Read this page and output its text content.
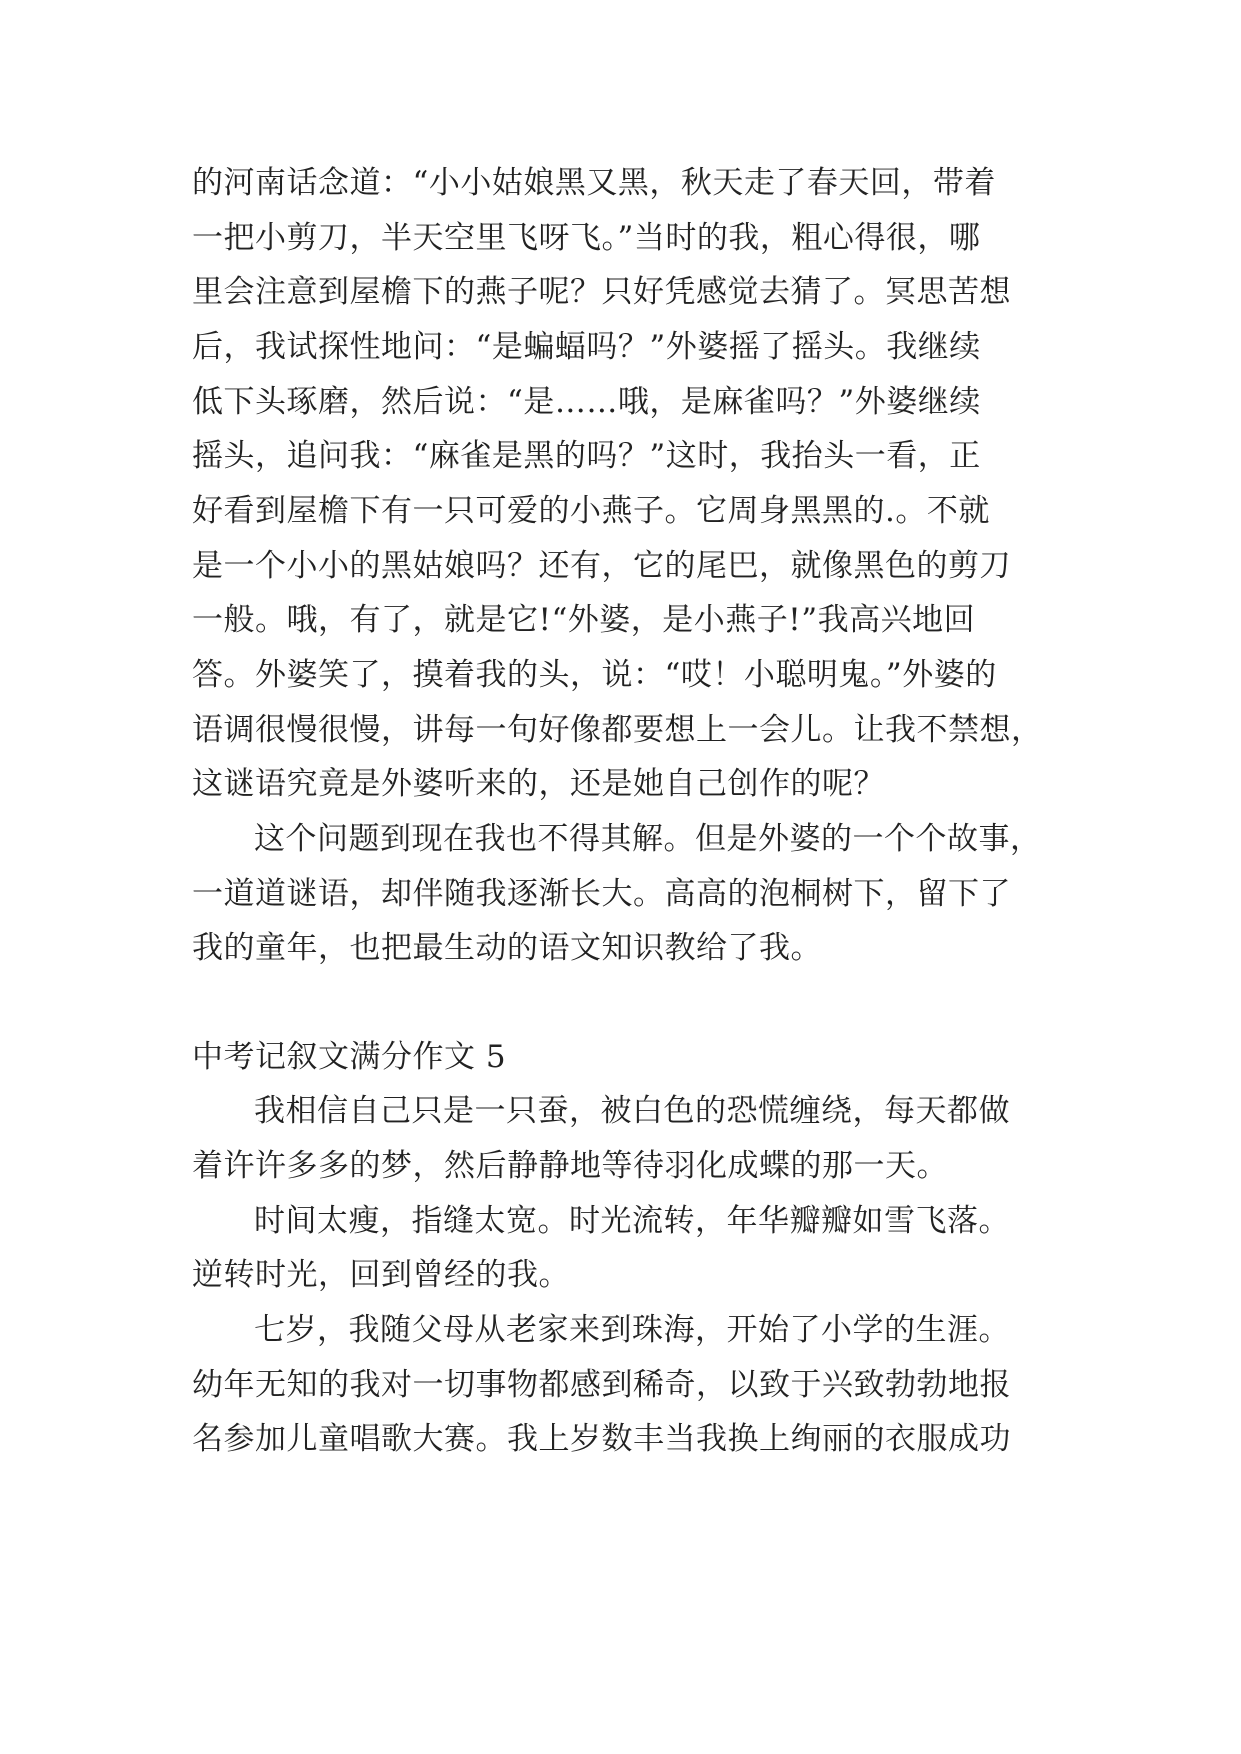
的河南话念道：“小小姑娘黑又黑，秋天走了春天回，带着
一把小剪刀，半天空里飞呀飞。”当时的我，粗心得很，哪
里会注意到屋檐下的燕子呢？只好凭感觉去猜了。冥思苦想
后，我试探性地问：“是蝙蝠吗？”外婆摇了摇头。我继续
低下头琢磨，然后说：“是……哦，是麻雀吗？”外婆继续
摇头，追问我：“麻雀是黑的吗？”这时，我抬头一看，正
好看到屋檐下有一只可爱的小燕子。它周身黑黑的.。不就
是一个小小的黑姑娘吗？还有，它的尾巴，就像黑色的剪刀
一般。哦，有了，就是它!“外婆，是小燕子!”我高兴地回
答。外婆笑了，摸着我的头，说：“哎！小聪明鬼。”外婆的
语调很慢很慢，讲每一句好像都要想上一会儿。让我不禁想，
这谜语究竟是外婆听来的，还是她自己创作的呢？
这个问题到现在我也不得其解。但是外婆的一个个故事，
一道道谜语，却伴随我逐渐长大。高高的泡桐树下，留下了
我的童年，也把最生动的语文知识教给了我。
中考记叙文满分作文 5
我相信自己只是一只蚕，被白色的恐慌缠绕，每天都做
着许许多多的梦，然后静静地等待羽化成蝶的那一天。
时间太瘦，指缝太宽。时光流转，年华瓣瓣如雪飞落。
逆转时光，回到曾经的我。
七岁，我随父母从老家来到珠海，开始了小学的生涯。
幼年无知的我对一切事物都感到稀奇，以致于兴致勃勃地报
名参加儿童唱歌大赛。我上岁数丰当我换上绚丽的衣服成功
